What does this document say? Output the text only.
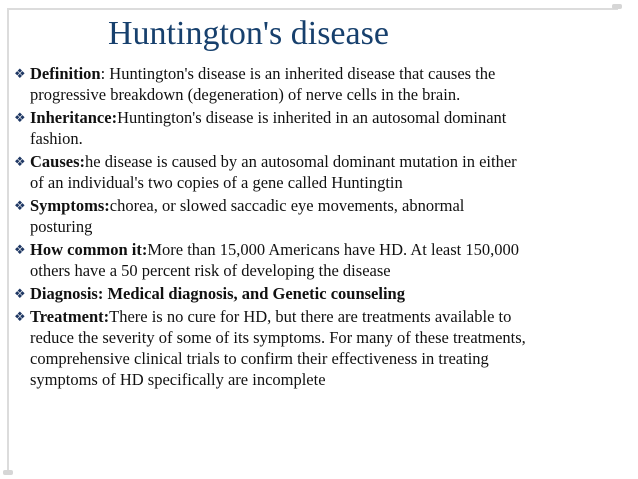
Huntington's disease
❖ Definition : Huntington's disease is an inherited disease that causes the
progressive breakdown (degeneration) of nerve cells in the brain.
❖ Inheritance: Huntington's disease is inherited in an autosomal dominant
fashion.
❖ Causes: he disease is caused by an autosomal dominant mutation in either
of an individual's two copies of a gene called Huntingtin
❖ Symptoms: chorea, or slowed saccadic eye movements, abnormal
posturing
❖ How common it: More than 15,000 Americans have HD. At least 150,000
others have a 50 percent risk of developing the disease
❖ Diagnosis: Medical diagnosis, and Genetic counseling
❖ Treatment: There is no cure for HD, but there are treatments available to
reduce the severity of some of its symptoms. For many of these treatments,
comprehensive clinical trials to confirm their effectiveness in treating
symptoms of HD specifically are incomplete
